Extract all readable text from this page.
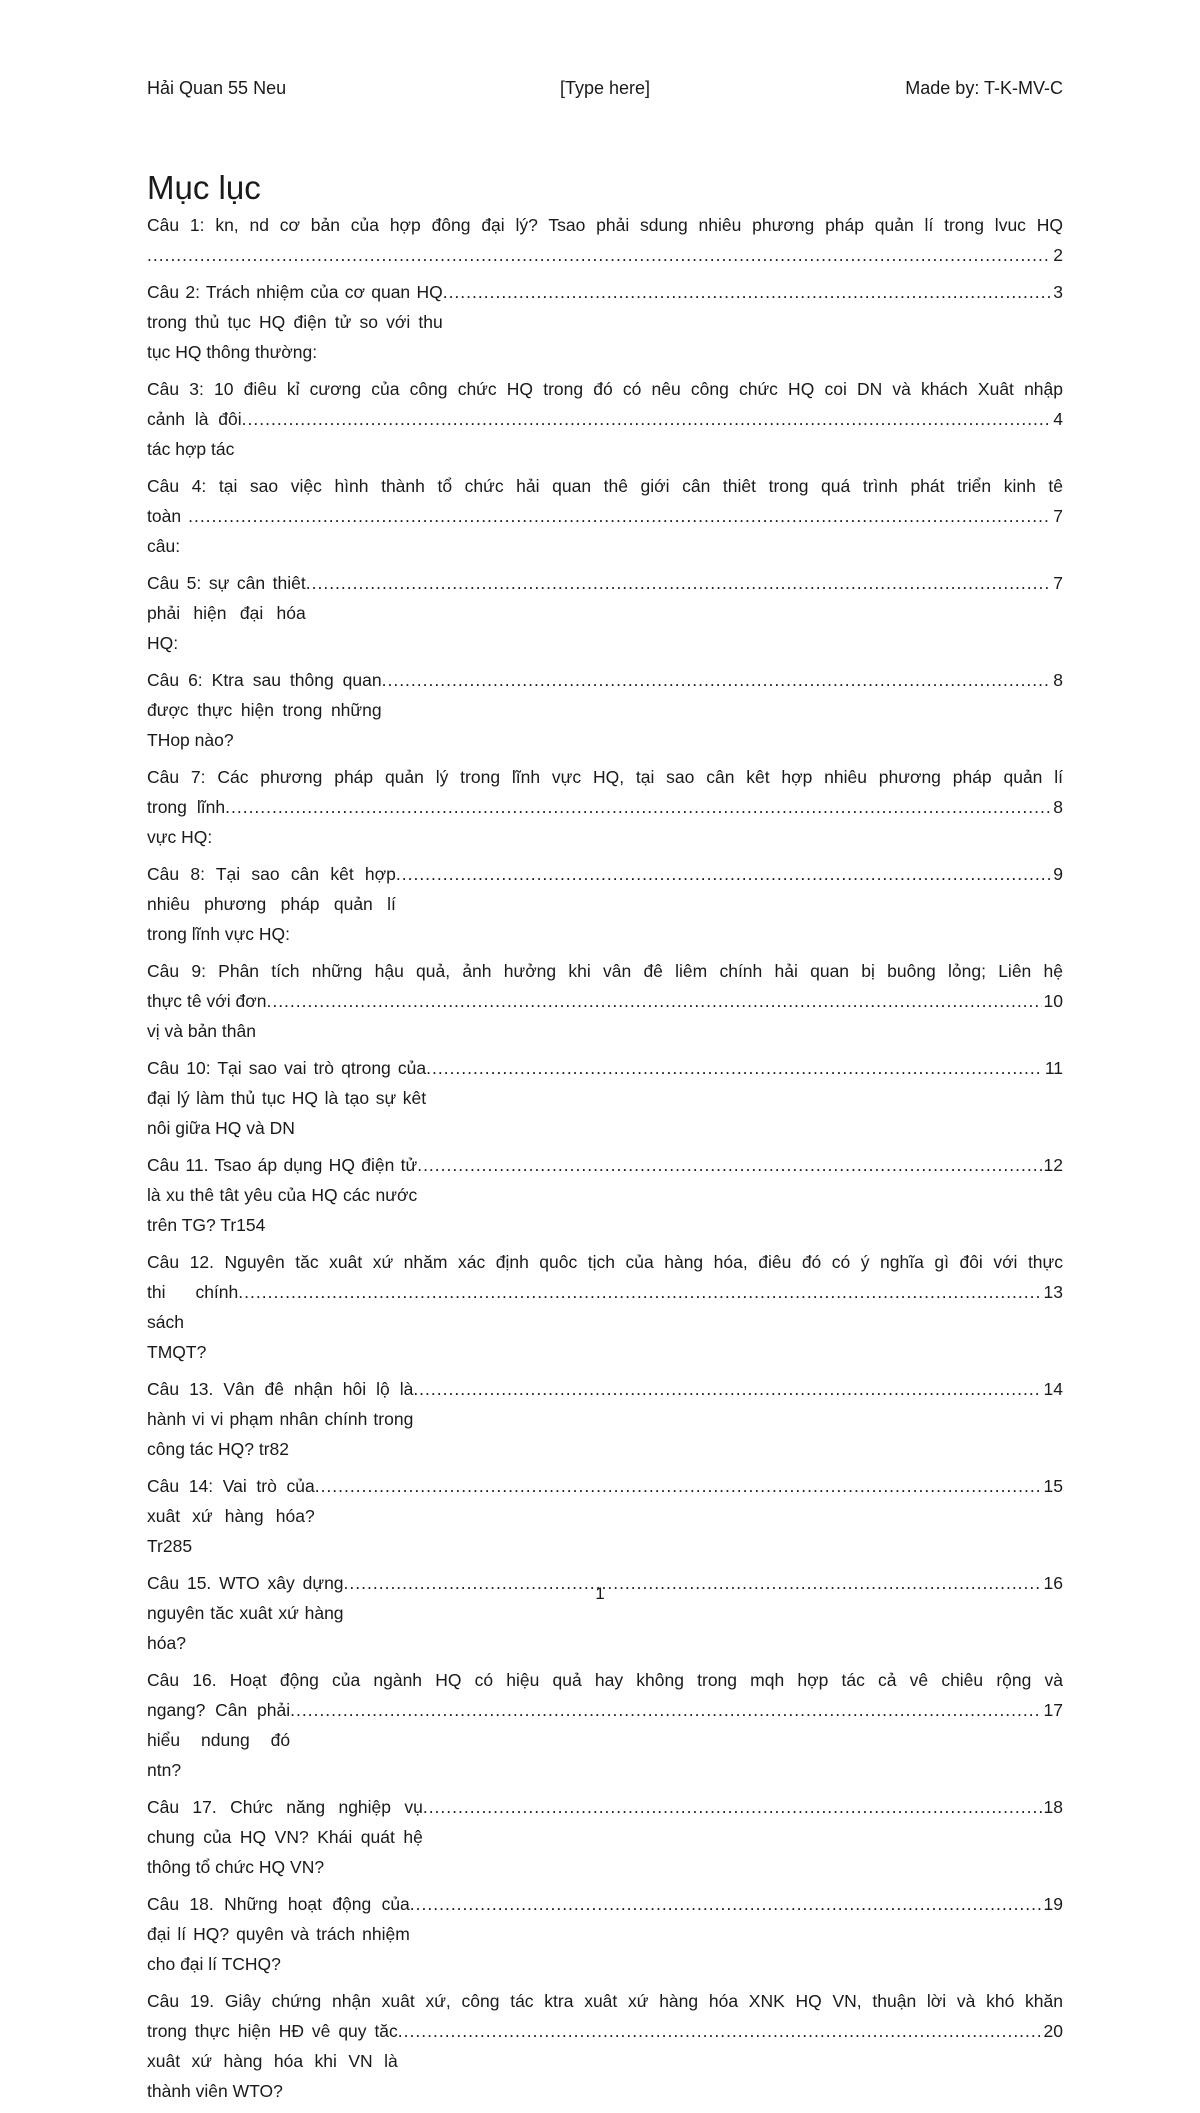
Hải Quan 55 Neu	[Type here]	Made by: T-K-MV-C
Mục lục
Câu 1: kn, nd cơ bản của hợp đông đại lý? Tsao phải sdung nhiêu phương pháp quản lí trong lvuc HQ
.....
2
Câu 2: Trách nhiệm của cơ quan HQ trong thủ tục HQ điện tử so với thu tục HQ thông thường:
.....
3
Câu 3: 10 điêu kỉ cương của công chức HQ trong đó có nêu công chức HQ coi DN và khách Xuât nhập
cảnh là đôi tác hợp tác
.....
4
Câu 4: tại sao việc hình thành tổ chức hải quan thê giới cân thiêt trong quá trình phát triển kinh tê
toàn câu:
.....
7
Câu 5: sự cân thiêt phải hiện đại hóa HQ:
.....
7
Câu 6: Ktra sau thông quan được thực hiện trong những THop nào?
.....
8
Câu 7: Các phương pháp quản lý trong lĩnh vực HQ, tại sao cân kêt hợp nhiêu phương pháp quản lí
trong lĩnh vực HQ:
.....
8
Câu 8: Tại sao cân kêt hợp nhiêu phương pháp quản lí trong lĩnh vực HQ:
.....
9
Câu 9: Phân tích những hậu quả, ảnh hưởng khi vân đê liêm chính hải quan bị buông lỏng; Liên hệ
thực tê với đơn vị và bản thân
.....
10
Câu 10: Tại sao vai trò qtrong của đại lý làm thủ tục HQ là tạo sự kêt nôi giữa HQ và DN
.....
11
Câu 11. Tsao áp dụng HQ điện tử là xu thê tât yêu của HQ các nước trên TG? Tr154
.....
12
Câu 12. Nguyên tăc xuât xứ nhăm xác định quôc tịch của hàng hóa, điêu đó có ý nghĩa gì đôi với thực
thi chính sách TMQT?
.....
13
Câu 13. Vân đê nhận hôi lộ là hành vi vi phạm nhân chính trong công tác HQ? tr82
.....
14
Câu 14: Vai trò của xuât xứ hàng hóa? Tr285
.....
15
Câu 15. WTO xây dựng nguyên tăc xuât xứ hàng hóa?
.....
16
Câu 16. Hoạt động của ngành HQ có hiệu quả hay không trong mqh hợp tác cả vê chiêu rộng và
ngang? Cân phải hiểu ndung đó ntn?
.....
17
Câu 17. Chức năng nghiệp vụ chung của HQ VN? Khái quát hệ thông tổ chức HQ VN?
.....
18
Câu 18. Những hoạt động của đại lí HQ? quyên và trách nhiệm cho đại lí TCHQ?
.....
19
Câu 19. Giây chứng nhận xuât xứ, công tác ktra xuât xứ hàng hóa XNK HQ VN, thuận lời và khó khăn
trong thực hiện HĐ vê quy tăc xuât xứ hàng hóa khi VN là thành viên WTO?
.....
20
1
